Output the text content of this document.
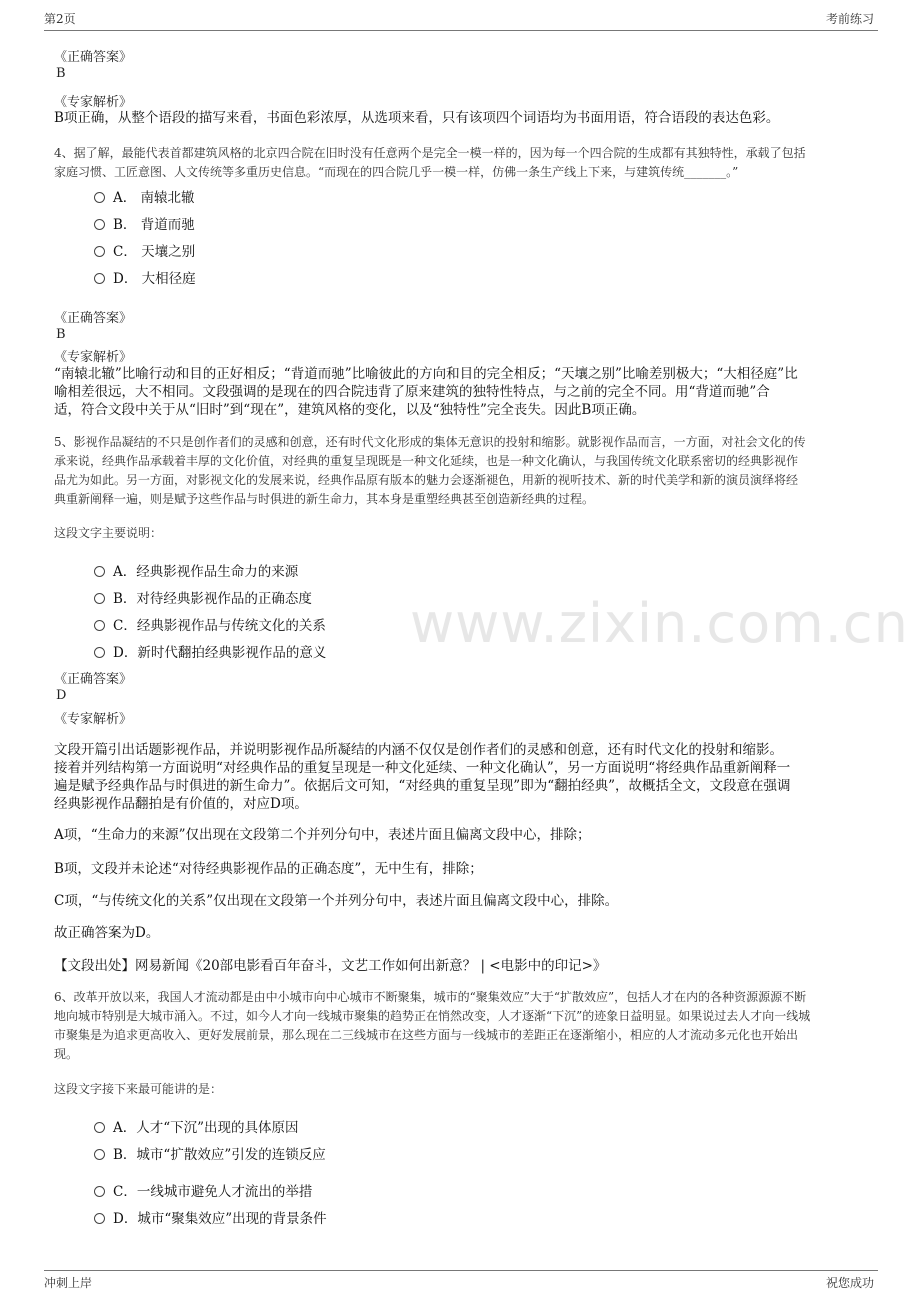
第2页	考前练习
www.zixin.com.cn
《正确答案》
B
《专家解析》
B项正确，从整个语段的描写来看，书面色彩浓厚，从选项来看，只有该项四个词语均为书面用语，符合语段的表达色彩。
4、据了解，最能代表首都建筑风格的北京四合院在旧时没有任意两个是完全一模一样的，因为每一个四合院的生成都有其独特性，承载了包括
家庭习惯、工匠意图、人文传统等多重历史信息。“而现在的四合院几乎一模一样，仿佛一条生产线上下来，与建筑传统_______。”
A． 南辕北辙
B． 背道而驰
C． 天壤之别
D． 大相径庭
《正确答案》
B
《专家解析》
“南辕北辙”比喻行动和目的正好相反；“背道而驰”比喻彼此的方向和目的完全相反；“天壤之别”比喻差别极大；“大相径庭”比
喻相差很远，大不相同。文段强调的是现在的四合院违背了原来建筑的独特性特点，与之前的完全不同。用“背道而驰”合
适，符合文段中关于从“旧时”到“现在”，建筑风格的变化，以及“独特性”完全丧失。因此B项正确。
5、影视作品凝结的不只是创作者们的灵感和创意，还有时代文化形成的集体无意识的投射和缩影。就影视作品而言，一方面，对社会文化的传
承来说，经典作品承载着丰厚的文化价值，对经典的重复呈现既是一种文化延续，也是一种文化确认，与我国传统文化联系密切的经典影视作
品尤为如此。另一方面，对影视文化的发展来说，经典作品原有版本的魅力会逐渐褪色，用新的视听技术、新的时代美学和新的演员演绎将经
典重新阐释一遍，则是赋予这些作品与时俱进的新生命力，其本身是重塑经典甚至创造新经典的过程。
这段文字主要说明：
A．经典影视作品生命力的来源
B．对待经典影视作品的正确态度
C．经典影视作品与传统文化的关系
D．新时代翻拍经典影视作品的意义
《正确答案》
D
《专家解析》
文段开篇引出话题影视作品，并说明影视作品所凝结的内涵不仅仅是创作者们的灵感和创意，还有时代文化的投射和缩影。
接着并列结构第一方面说明“对经典作品的重复呈现是一种文化延续、一种文化确认”，另一方面说明“将经典作品重新阐释一
遍是赋予经典作品与时俱进的新生命力”。依据后文可知，“对经典的重复呈现”即为“翻拍经典”，故概括全文，文段意在强调
经典影视作品翻拍是有价值的，对应D项。
A项，“生命力的来源”仅出现在文段第二个并列分句中，表述片面且偏离文段中心，排除；
B项，文段并未论述“对待经典影视作品的正确态度”，无中生有，排除；
C项，“与传统文化的关系”仅出现在文段第一个并列分句中，表述片面且偏离文段中心，排除。
故正确答案为D。
【文段出处】网易新闻《20部电影看百年奋斗，文艺工作如何出新意？ | <电影中的印记>》
6、改革开放以来，我国人才流动都是由中小城市向中心城市不断聚集，城市的“聚集效应”大于“扩散效应”，包括人才在内的各种资源源源不断
地向城市特别是大城市涌入。不过，如今人才向一线城市聚集的趋势正在悄然改变，人才逐渐“下沉”的迹象日益明显。如果说过去人才向一线城
市聚集是为追求更高收入、更好发展前景，那么现在二三线城市在这些方面与一线城市的差距正在逐渐缩小，相应的人才流动多元化也开始出
现。
这段文字接下来最可能讲的是：
A．人才“下沉”出现的具体原因
B．城市“扩散效应”引发的连锁反应
C．一线城市避免人才流出的举措
D．城市“聚集效应”出现的背景条件
冲刺上岸	祝您成功
